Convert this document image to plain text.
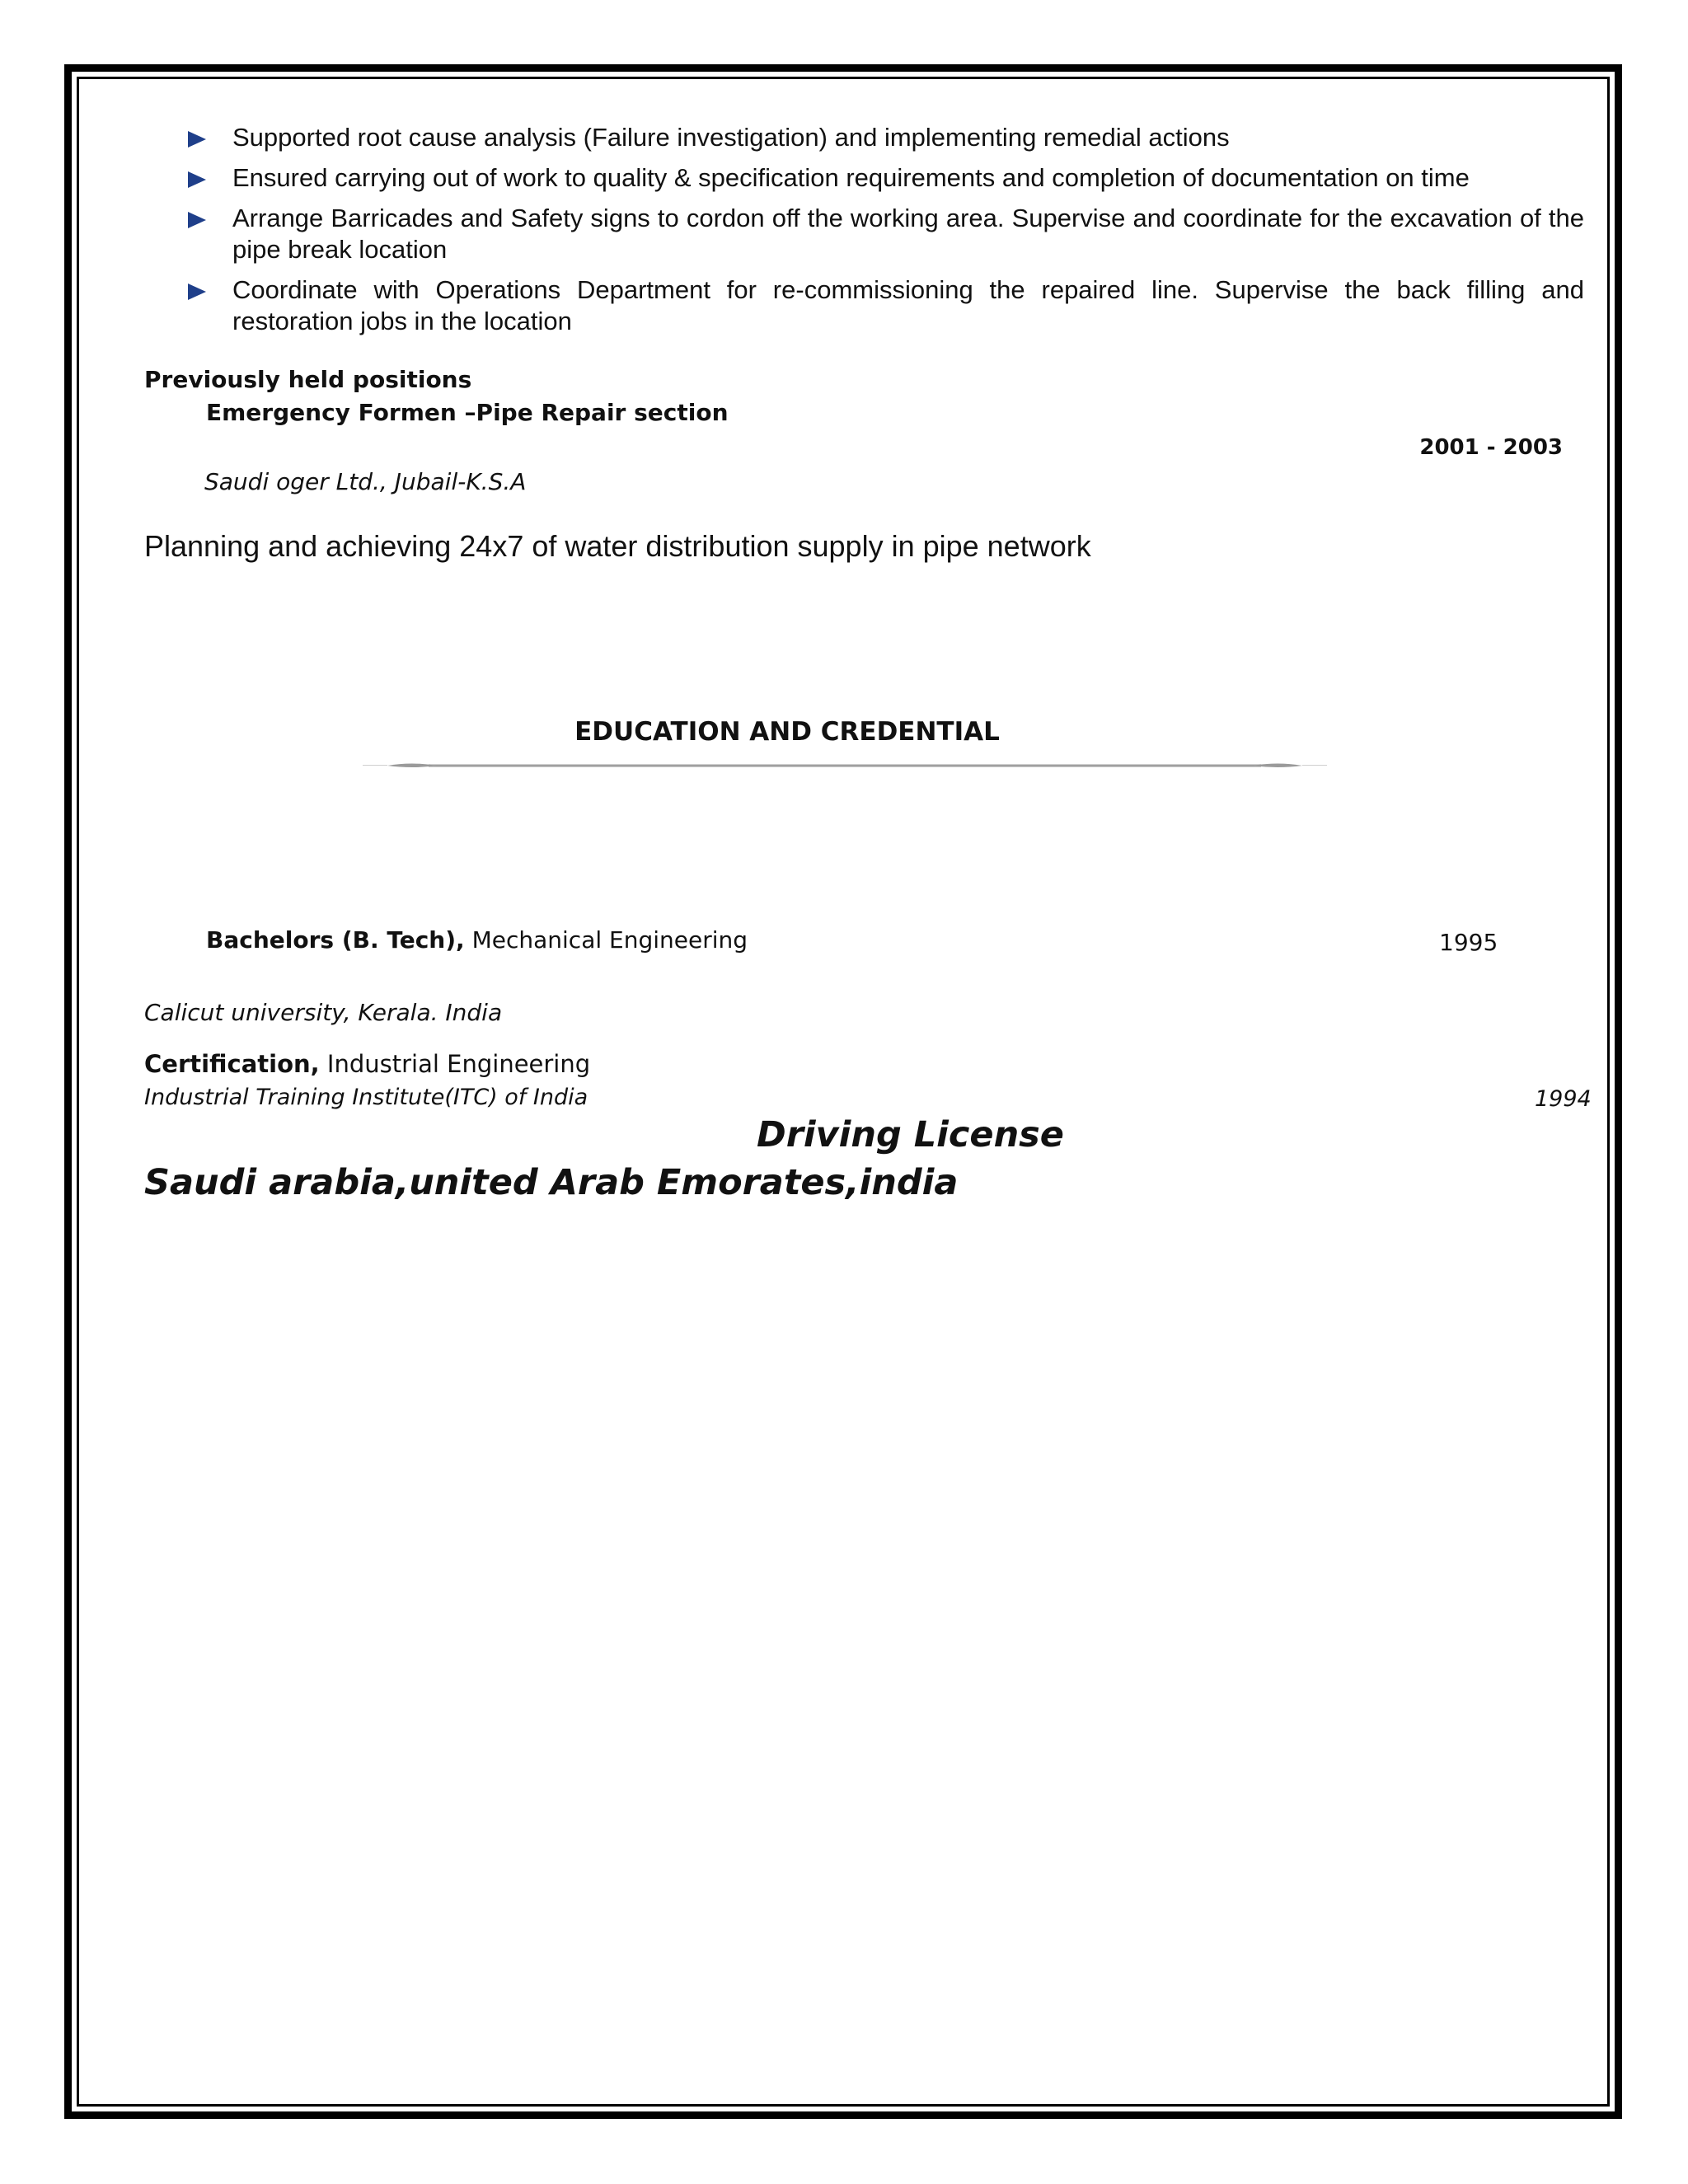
Supported root cause analysis (Failure investigation) and implementing remedial actions
Ensured carrying out of work to quality & specification requirements and completion of documentation on time
Arrange Barricades and Safety signs to cordon off the working area. Supervise and coordinate for the excavation of the pipe break location
Coordinate with Operations Department for re-commissioning the repaired line. Supervise the back filling and restoration jobs in the location
Previously held positions
Emergency Formen –Pipe Repair section
2001 - 2003
Saudi oger Ltd., Jubail-K.S.A
Planning and achieving 24x7 of water distribution supply in pipe network
EDUCATION AND CREDENTIAL
Bachelors (B. Tech), Mechanical Engineering	1995
Calicut university, Kerala. India
Certification, Industrial Engineering
Industrial Training Institute(ITC) of India	1994
Driving License
Saudi arabia,united Arab Emorates,india
